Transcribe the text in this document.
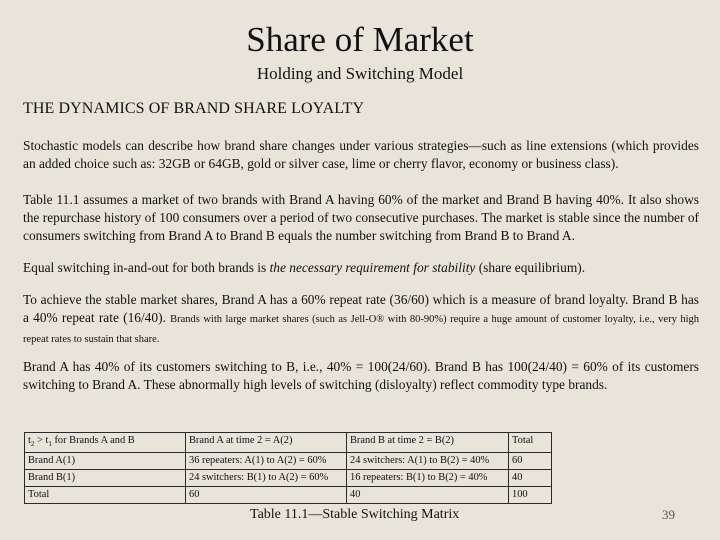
Share of Market
Holding and Switching Model
THE DYNAMICS OF BRAND SHARE LOYALTY

Stochastic models can describe how brand share changes under various strategies—such as line extensions (which provides an added choice such as: 32GB or 64GB, gold or silver case, lime or cherry flavor, economy or business class).

Table 11.1 assumes a market of two brands with Brand A having 60% of the market and Brand B having 40%. It also shows the repurchase history of 100 consumers over a period of two consecutive purchases. The market is stable since the number of consumers switching from Brand A to Brand B equals the number switching from Brand B to Brand A.

Equal switching in-and-out for both brands is the necessary requirement for stability (share equilibrium).

To achieve the stable market shares, Brand A has a 60% repeat rate (36/60) which is a measure of brand loyalty. Brand B has a 40% repeat rate (16/40). Brands with large market shares (such as Jell-O® with 80-90%) require a huge amount of customer loyalty, i.e., very high repeat rates to sustain that share.

Brand A has 40% of its customers switching to B, i.e., 40% = 100(24/60). Brand B has 100(24/40) = 60% of its customers switching to Brand A. These abnormally high levels of switching (disloyalty) reflect commodity type brands.

$t_2 > t_1$ for Brands A and B	Brand A at time 2 = A(2)	Brand B at time 2 = B(2)	Total
Brand A(1)	36 repeaters: A(1) to A(2) = 60%	24 switchers: A(1) to B(2) = 40%	60
Brand B(1)	24 switchers: B(1) to A(2) = 60%	16 repeaters: B(1) to B(2) = 40%	40
Total	60	40	100
Table 11.1—Stable Switching Matrix	39
